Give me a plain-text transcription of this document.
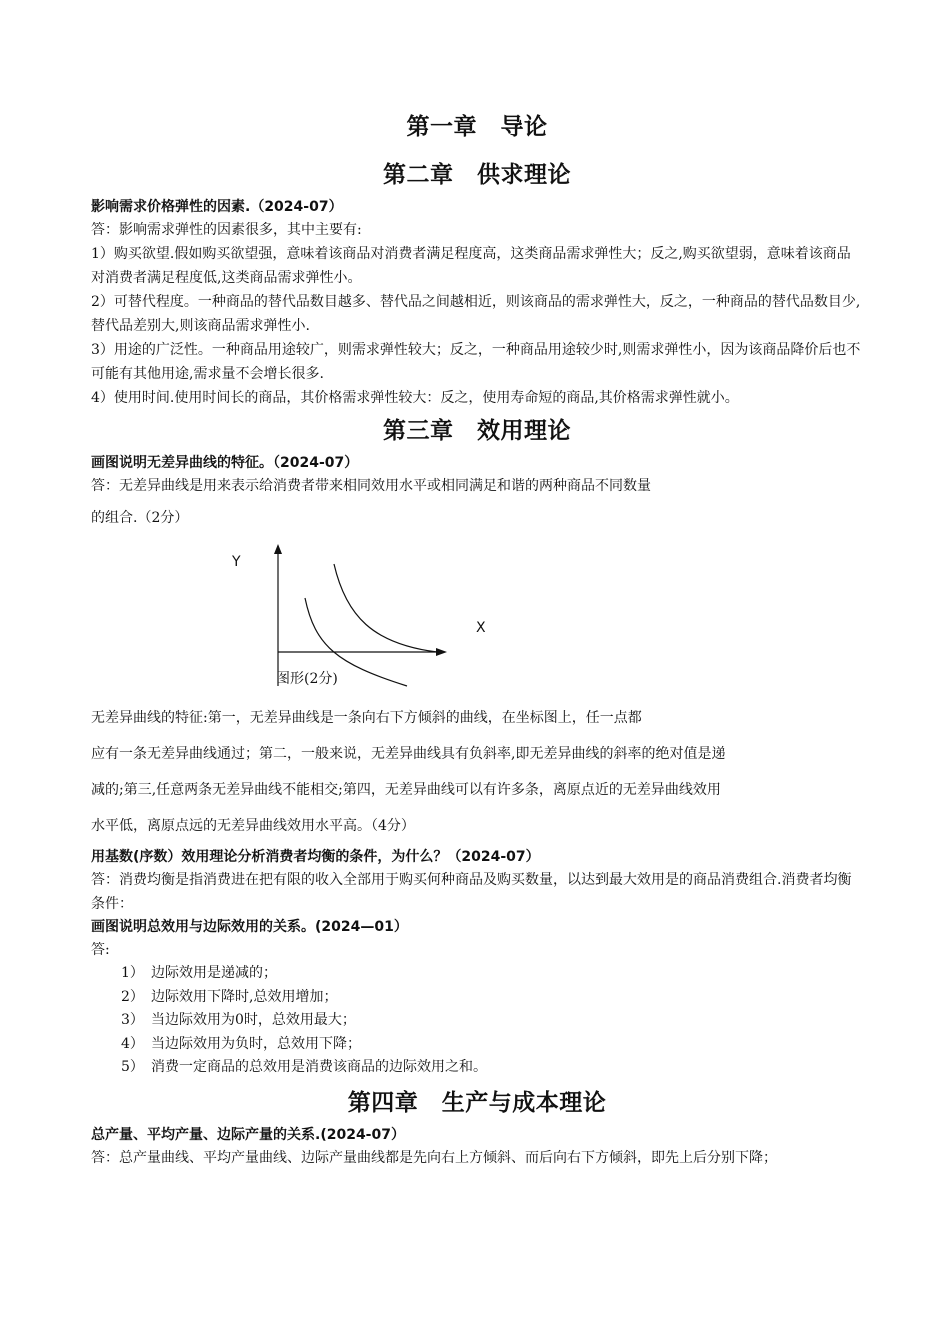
第一章　导论
第二章　供求理论
影响需求价格弹性的因素.（2024-07）

答：影响需求弹性的因素很多，其中主要有:

1）购买欲望.假如购买欲望强，意味着该商品对消费者满足程度高，这类商品需求弹性大；反之,购买欲望弱，意味着该商品对消费者满足程度低,这类商品需求弹性小。

2）可替代程度。一种商品的替代品数目越多、替代品之间越相近，则该商品的需求弹性大，反之，一种商品的替代品数目少,替代品差别大,则该商品需求弹性小.

3）用途的广泛性。一种商品用途较广，则需求弹性较大；反之，一种商品用途较少时,则需求弹性小，因为该商品降价后也不可能有其他用途,需求量不会增长很多.

4）使用时间.使用时间长的商品，其价格需求弹性较大：反之，使用寿命短的商品,其价格需求弹性就小。

第三章　效用理论
画图说明无差异曲线的特征。（2024-07）

答：无差异曲线是用来表示给消费者带来相同效用水平或相同满足和谐的两种商品不同数量

的组合.（2分）

Y
X
图形(2分)

无差异曲线的特征:第一，无差异曲线是一条向右下方倾斜的曲线，在坐标图上，任一点都

应有一条无差异曲线通过；第二，一般来说，无差异曲线具有负斜率,即无差异曲线的斜率的绝对值是递

减的;第三,任意两条无差异曲线不能相交;第四，无差异曲线可以有许多条，离原点近的无差异曲线效用

水平低，离原点远的无差异曲线效用水平高。（4分）

用基数(序数）效用理论分析消费者均衡的条件，为什么？（2024-07）

答：消费均衡是指消费进在把有限的收入全部用于购买何种商品及购买数量，以达到最大效用是的商品消费组合.消费者均衡条件：

画图说明总效用与边际效用的关系。(2024—01）

答:

1） 边际效用是递减的；
2） 边际效用下降时,总效用增加；
3） 当边际效用为0时，总效用最大；
4） 当边际效用为负时，总效用下降；
5） 消费一定商品的总效用是消费该商品的边际效用之和。
第四章　生产与成本理论
总产量、平均产量、边际产量的关系.(2024-07）

答：总产量曲线、平均产量曲线、边际产量曲线都是先向右上方倾斜、而后向右下方倾斜，即先上后分别下降；
